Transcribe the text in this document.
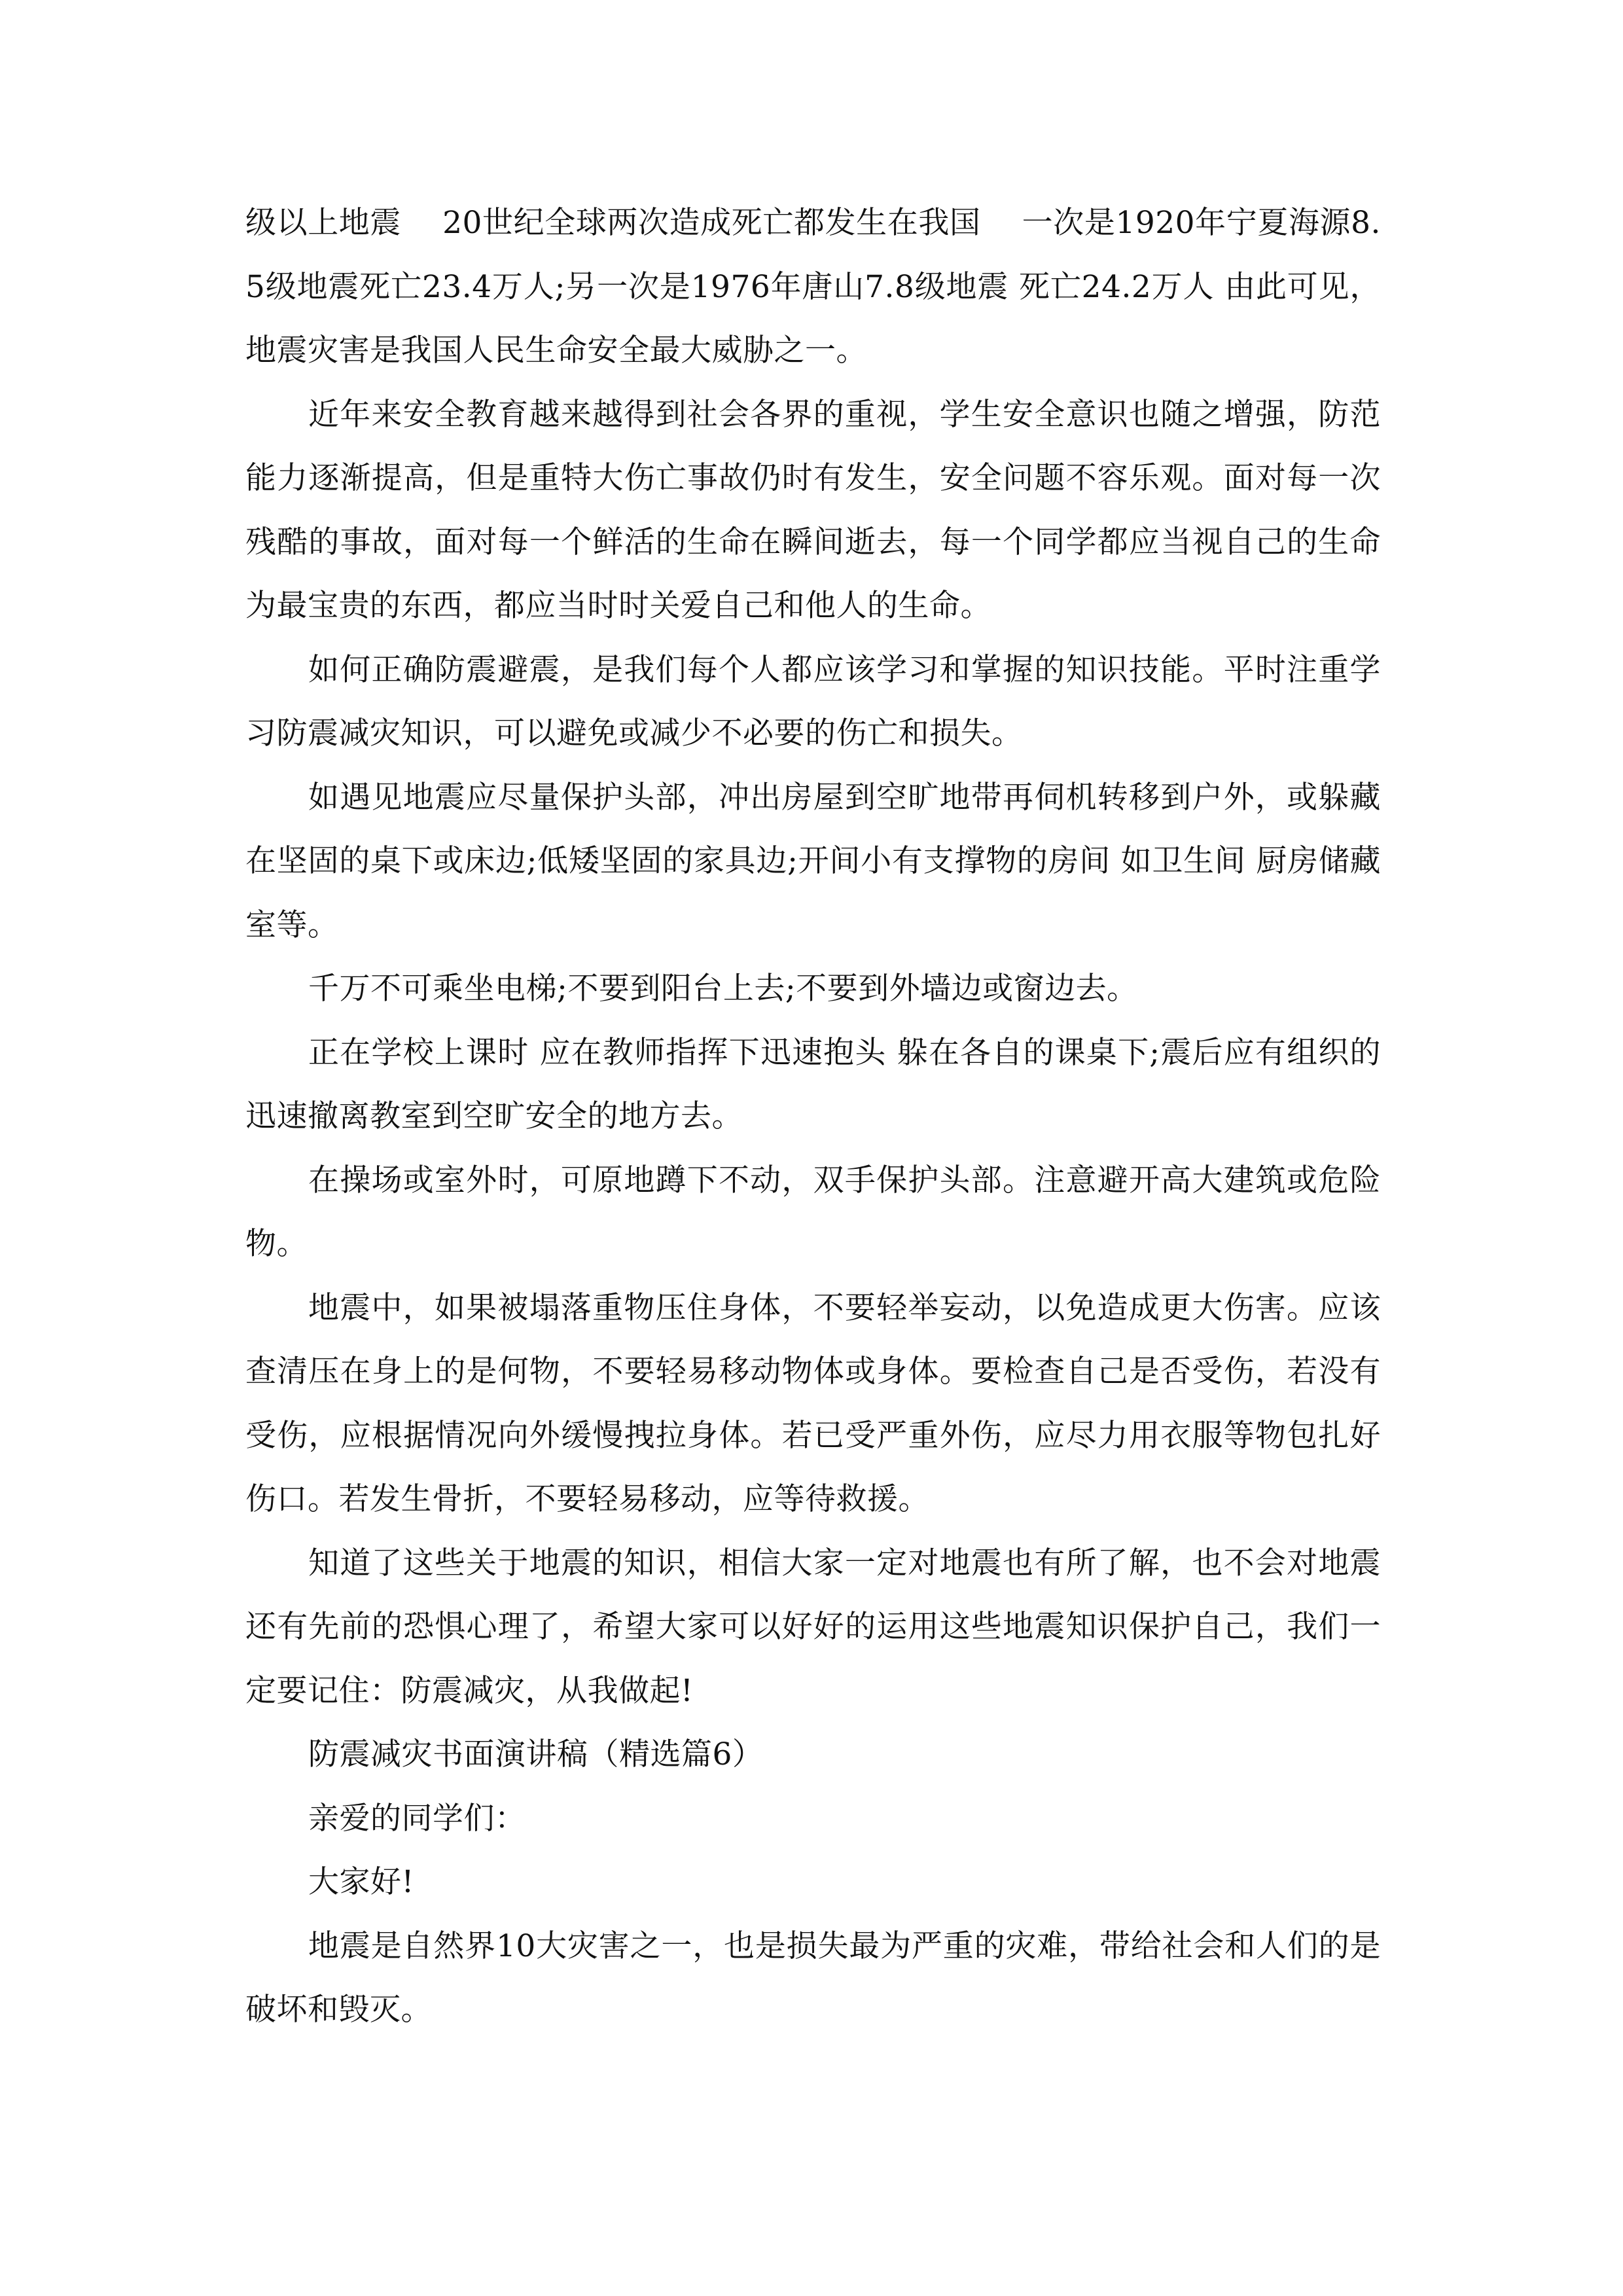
级以上地震　 20世纪全球两次造成死亡都发生在我国　 一次是1920年宁夏海源8.5级地震死亡23.4万人;另一次是1976年唐山7.8级地震 死亡24.2万人 由此可见，地震灾害是我国人民生命安全最大威胁之一。

近年来安全教育越来越得到社会各界的重视，学生安全意识也随之增强，防范能力逐渐提高，但是重特大伤亡事故仍时有发生，安全问题不容乐观。面对每一次残酷的事故，面对每一个鲜活的生命在瞬间逝去，每一个同学都应当视自己的生命为最宝贵的东西，都应当时时关爱自己和他人的生命。

如何正确防震避震，是我们每个人都应该学习和掌握的知识技能。平时注重学习防震减灾知识，可以避免或减少不必要的伤亡和损失。

如遇见地震应尽量保护头部，冲出房屋到空旷地带再伺机转移到户外，或躲藏在坚固的桌下或床边;低矮坚固的家具边;开间小有支撑物的房间 如卫生间 厨房储藏室等。

千万不可乘坐电梯;不要到阳台上去;不要到外墙边或窗边去。

正在学校上课时 应在教师指挥下迅速抱头 躲在各自的课桌下;震后应有组织的迅速撤离教室到空旷安全的地方去。

在操场或室外时，可原地蹲下不动，双手保护头部。注意避开高大建筑或危险物。

地震中，如果被塌落重物压住身体，不要轻举妄动，以免造成更大伤害。应该查清压在身上的是何物，不要轻易移动物体或身体。要检查自己是否受伤，若没有受伤，应根据情况向外缓慢拽拉身体。若已受严重外伤，应尽力用衣服等物包扎好伤口。若发生骨折，不要轻易移动，应等待救援。

知道了这些关于地震的知识，相信大家一定对地震也有所了解，也不会对地震还有先前的恐惧心理了，希望大家可以好好的运用这些地震知识保护自己，我们一定要记住：防震减灾，从我做起!

防震减灾书面演讲稿（精选篇6）

亲爱的同学们：

大家好!

地震是自然界10大灾害之一，也是损失最为严重的灾难，带给社会和人们的是破坏和毁灭。
